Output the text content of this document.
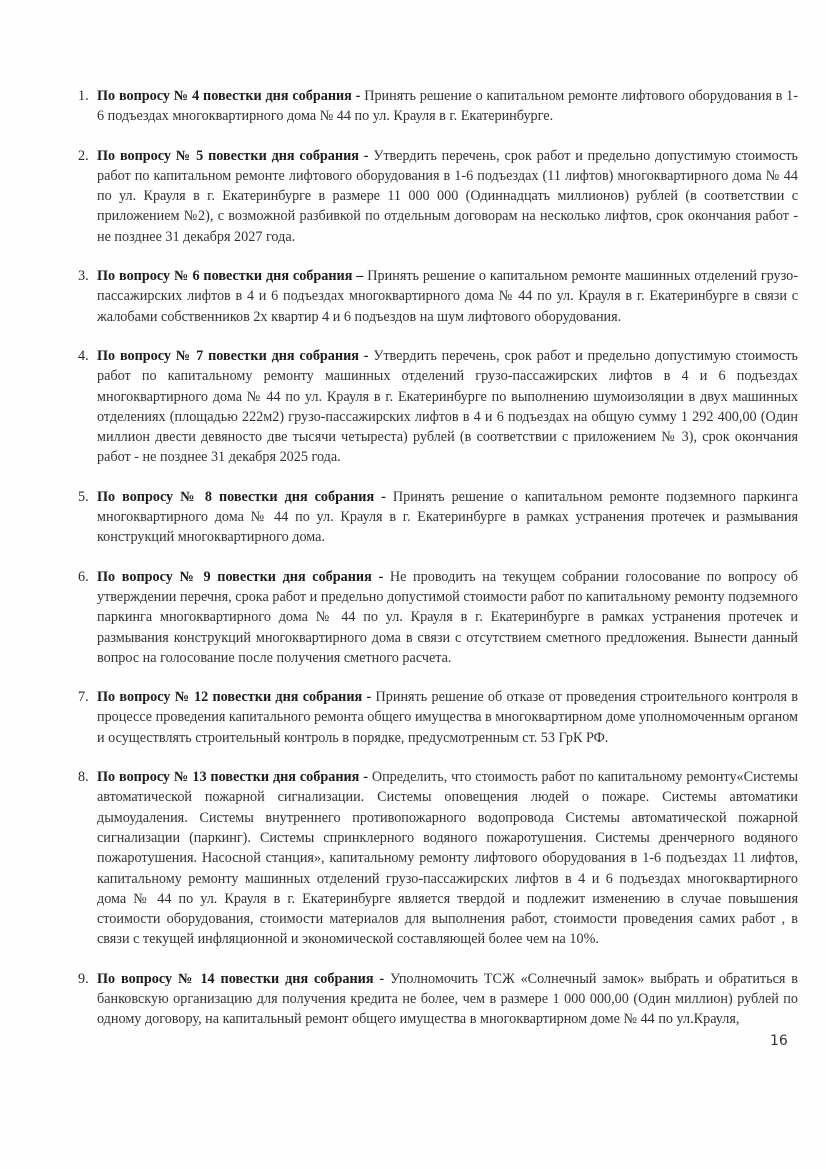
1. По вопросу № 4 повестки дня собрания - Принять решение о капитальном ремонте лифтового оборудования в 1-6 подъездах многоквартирного дома № 44 по ул. Крауля в г. Екатеринбурге.
2. По вопросу № 5 повестки дня собрания - Утвердить перечень, срок работ и предельно допустимую стоимость работ по капитальном ремонте лифтового оборудования в 1-6 подъездах (11 лифтов) многоквартирного дома № 44 по ул. Крауля в г. Екатеринбурге в размере 11 000 000 (Одиннадцать миллионов) рублей (в соответствии с приложением №2), с возможной разбивкой по отдельным договорам на несколько лифтов, срок окончания работ - не позднее 31 декабря 2027 года.
3. По вопросу № 6 повестки дня собрания – Принять решение о капитальном ремонте машинных отделений грузо-пассажирских лифтов в 4 и 6 подъездах многоквартирного дома № 44 по ул. Крауля в г. Екатеринбурге в связи с жалобами собственников 2х квартир 4 и 6 подъездов на шум лифтового оборудования.
4. По вопросу № 7 повестки дня собрания - Утвердить перечень, срок работ и предельно допустимую стоимость работ по капитальному ремонту машинных отделений грузо-пассажирских лифтов в 4 и 6 подъездах многоквартирного дома № 44 по ул. Крауля в г. Екатеринбурге по выполнению шумоизоляции в двух машинных отделениях (площадью 222м2) грузо-пассажирских лифтов в 4 и 6 подъездах на общую сумму 1 292 400,00 (Один миллион двести девяносто две тысячи четыреста) рублей (в соответствии с приложением № 3), срок окончания работ - не позднее 31 декабря 2025 года.
5. По вопросу № 8 повестки дня собрания - Принять решение о капитальном ремонте подземного паркинга многоквартирного дома № 44 по ул. Крауля в г. Екатеринбурге в рамках устранения протечек и размывания конструкций многоквартирного дома.
6. По вопросу № 9 повестки дня собрания - Не проводить на текущем собрании голосование по вопросу об утверждении перечня, срока работ и предельно допустимой стоимости работ по капитальному ремонту подземного паркинга многоквартирного дома № 44 по ул. Крауля в г. Екатеринбурге в рамках устранения протечек и размывания конструкций многоквартирного дома в связи с отсутствием сметного предложения. Вынести данный вопрос на голосование после получения сметного расчета.
7. По вопросу № 12 повестки дня собрания - Принять решение об отказе от проведения строительного контроля в процессе проведения капитального ремонта общего имущества в многоквартирном доме уполномоченным органом и осуществлять строительный контроль в порядке, предусмотренным ст. 53 ГрК РФ.
8. По вопросу № 13 повестки дня собрания - Определить, что стоимость работ по капитальному ремонту«Системы автоматической пожарной сигнализации. Системы оповещения людей о пожаре. Системы автоматики дымоудаления. Системы внутреннего противопожарного водопровода Системы автоматической пожарной сигнализации (паркинг). Системы спринклерного водяного пожаротушения. Системы дренчерного водяного пожаротушения. Насосной станция», капитальному ремонту лифтового оборудования в 1-6 подъездах 11 лифтов, капитальному ремонту машинных отделений грузо-пассажирских лифтов в 4 и 6 подъездах многоквартирного дома № 44 по ул. Крауля в г. Екатеринбурге является твердой и подлежит изменению в случае повышения стоимости оборудования, стоимости материалов для выполнения работ, стоимости проведения самих работ , в связи с текущей инфляционной и экономической составляющей более чем на 10%.
9. По вопросу № 14 повестки дня собрания - Уполномочить ТСЖ «Солнечный замок» выбрать и обратиться в банковскую организацию для получения кредита не более, чем в размере 1 000 000,00 (Один миллион) рублей по одному договору, на капитальный ремонт общего имущества в многоквартирном доме № 44 по ул.Крауля,
16
